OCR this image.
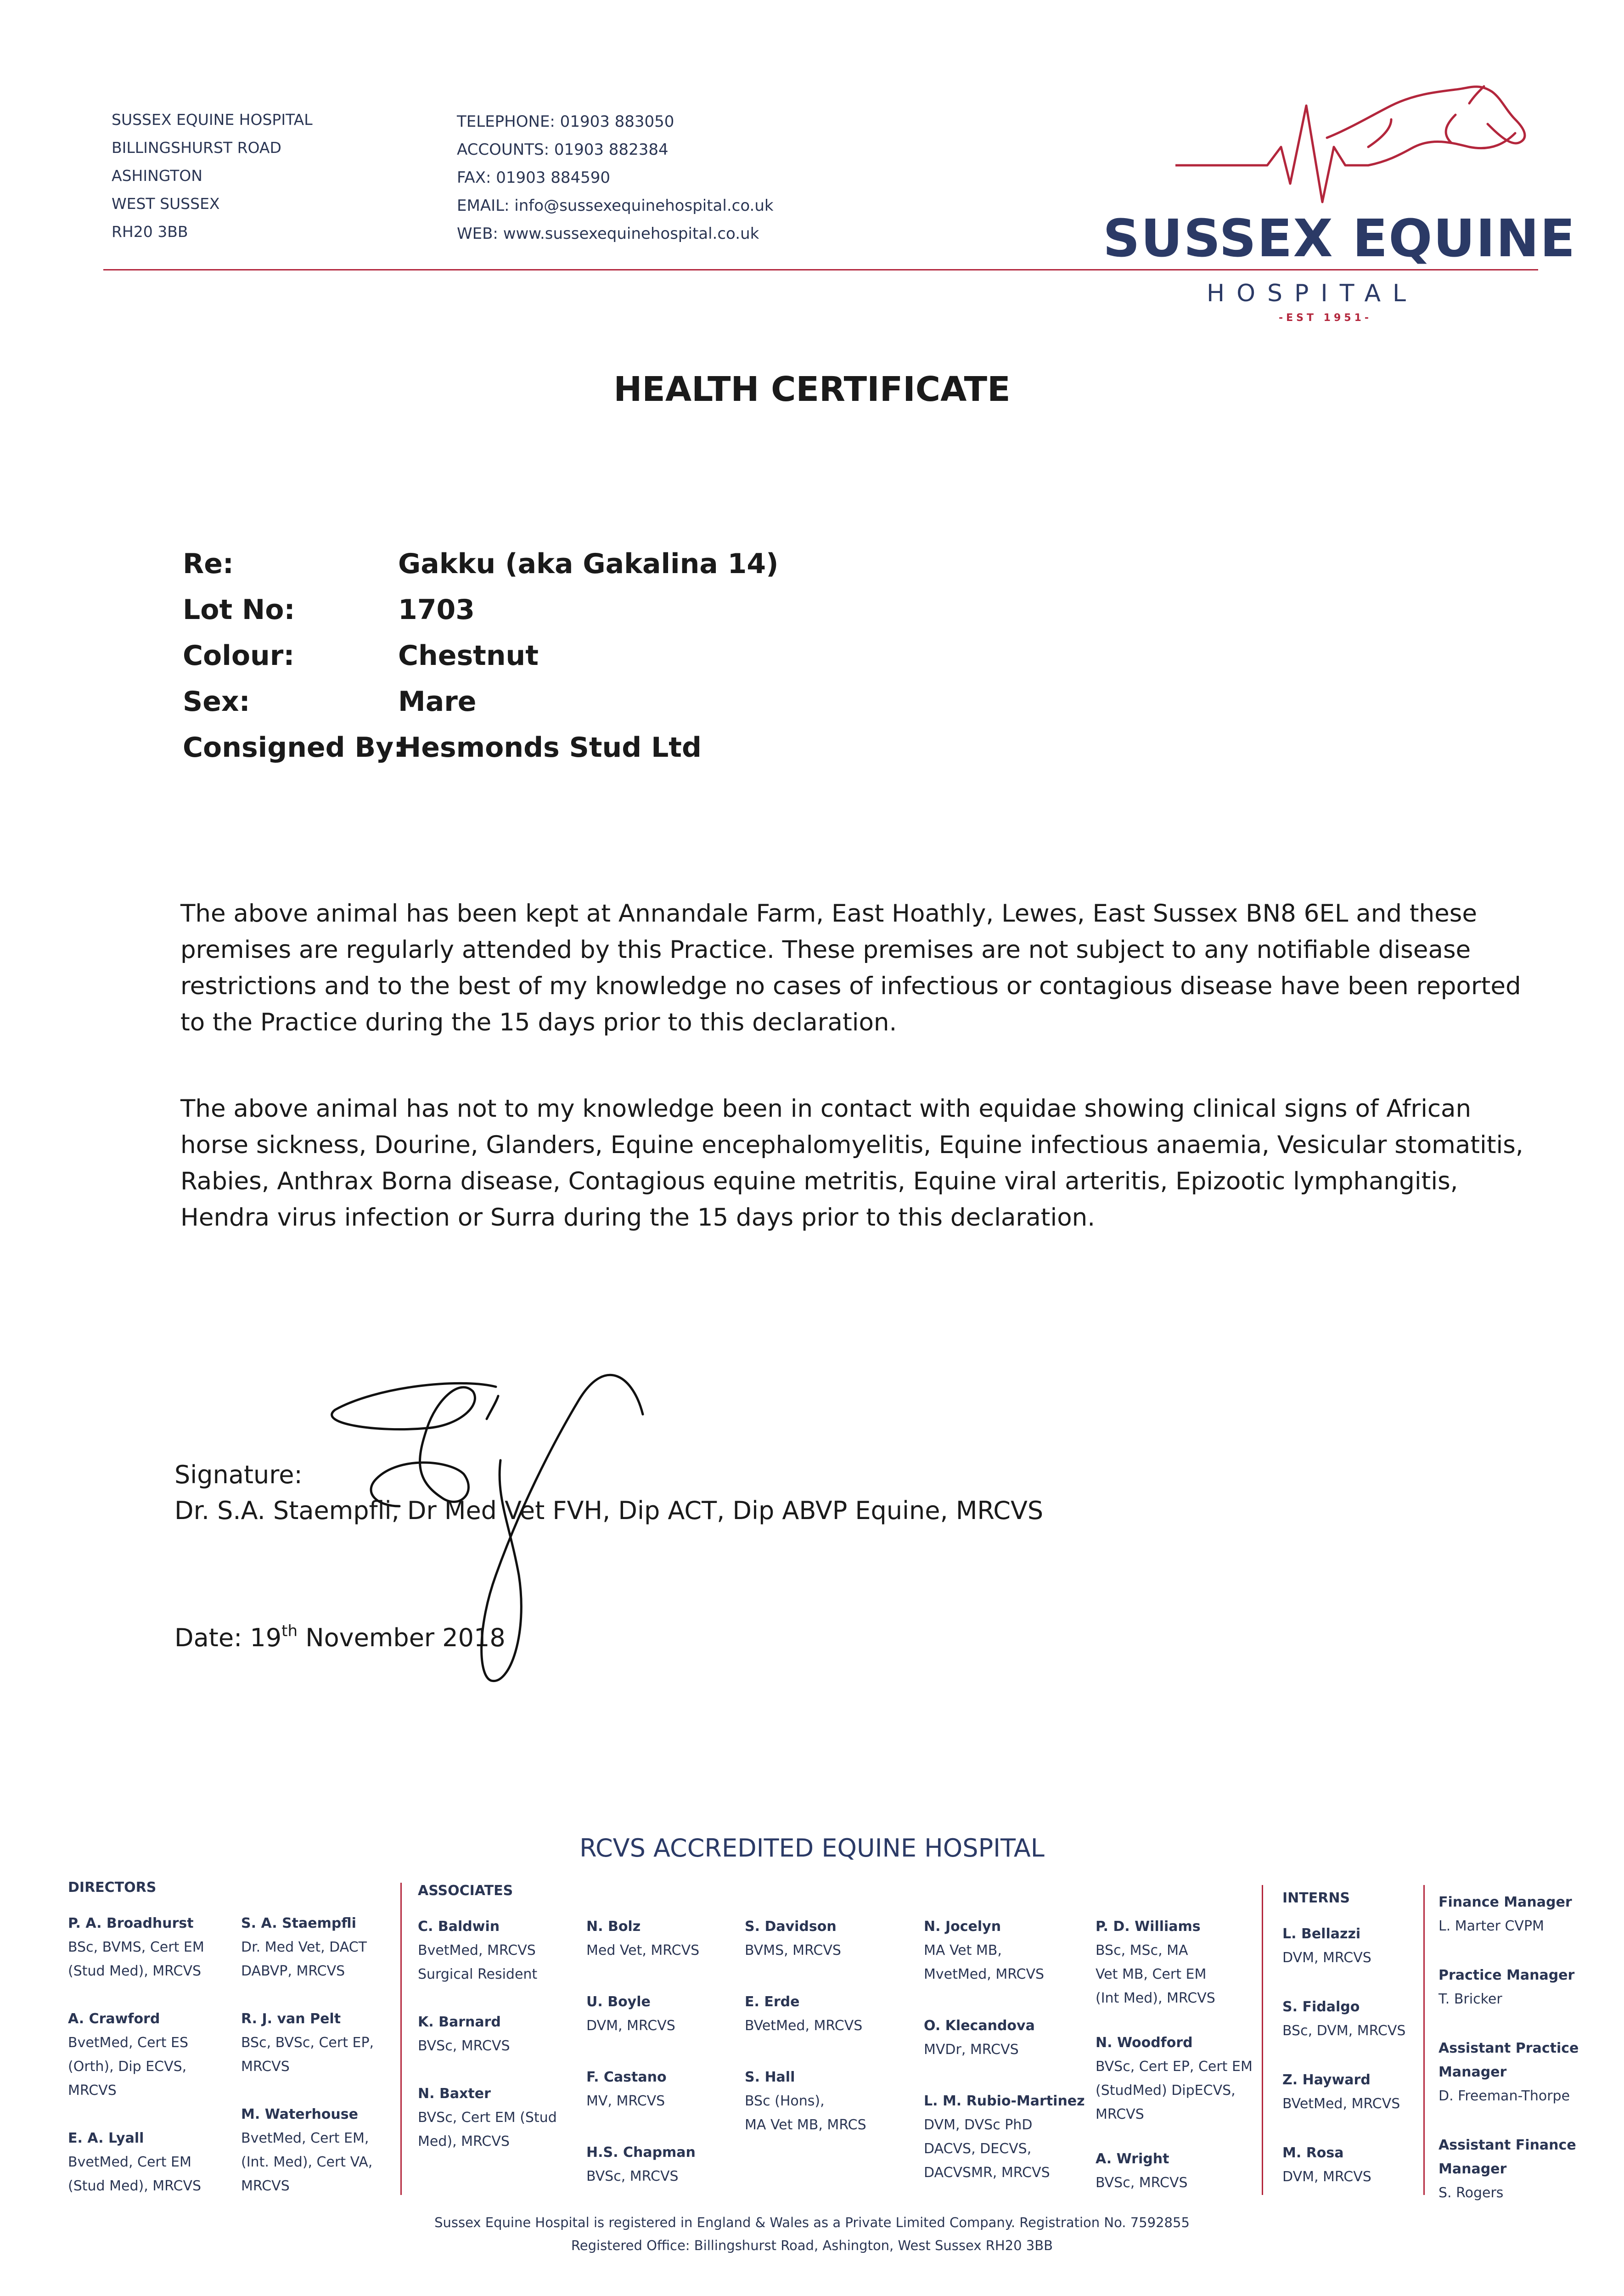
SUSSEX EQUINE HOSPITAL
BILLINGSHURST ROAD
ASHINGTON
WEST SUSSEX
RH20 3BB
TELEPHONE: 01903 883050
ACCOUNTS: 01903 882384
FAX: 01903 884590
EMAIL: info@sussexequinehospital.co.uk
WEB: www.sussexequinehospital.co.uk	SUSSEX EQUINE
HOSPITAL
-EST 1951-
HEALTH CERTIFICATE
Re:	Gakku (aka Gakalina 14)
Lot No:	1703
Colour:	Chestnut
Sex:	Mare
Consigned By:
Hesmonds Stud Ltd
The above animal has been kept at Annandale Farm, East Hoathly, Lewes, East Sussex BN8 6EL and these
premises are regularly attended by this Practice. These premises are not subject to any notifiable disease
restrictions and to the best of my knowledge no cases of infectious or contagious disease have been reported
to the Practice during the 15 days prior to this declaration.
The above animal has not to my knowledge been in contact with equidae showing clinical signs of African
horse sickness, Dourine, Glanders, Equine encephalomyelitis, Equine infectious anaemia, Vesicular stomatitis,
Rabies, Anthrax Borna disease, Contagious equine metritis, Equine viral arteritis, Epizootic lymphangitis,
Hendra virus infection or Surra during the 15 days prior to this declaration.
Signature:
Dr. S.A. Staempfli, Dr Med Vet FVH, Dip ACT, Dip ABVP Equine, MRCVS
Date: 19th November 2018
RCVS ACCREDITED EQUINE HOSPITAL
DIRECTORS
P. A. Broadhurst
BSc, BVMS, Cert EM
(Stud Med), MRCVS
A. Crawford
BvetMed, Cert ES
(Orth), Dip ECVS,
MRCVS
E. A. Lyall
BvetMed, Cert EM
(Stud Med), MRCVS
S. A. Staempfli
Dr. Med Vet, DACT
DABVP, MRCVS
R. J. van Pelt
BSc, BVSc, Cert EP,
MRCVS
M. Waterhouse
BvetMed, Cert EM,
(Int. Med), Cert VA,
MRCVS
ASSOCIATES
C. Baldwin
BvetMed, MRCVS
Surgical Resident
K. Barnard
BVSc, MRCVS
N. Baxter
BVSc, Cert EM (Stud
Med), MRCVS
N. Bolz
Med Vet, MRCVS
U. Boyle
DVM, MRCVS
F. Castano
MV, MRCVS
H.S. Chapman
BVSc, MRCVS
S. Davidson
BVMS, MRCVS
E. Erde
BVetMed, MRCVS
S. Hall
BSc (Hons),
MA Vet MB, MRCS
N. Jocelyn
MA Vet MB,
MvetMed, MRCVS
O. Klecandova
MVDr, MRCVS
L. M. Rubio-Martinez
DVM, DVSc PhD
DACVS, DECVS,
DACVSMR, MRCVS
P. D. Williams
BSc, MSc, MA
Vet MB, Cert EM
(Int Med), MRCVS
N. Woodford
BVSc, Cert EP, Cert EM
(StudMed) DipECVS,
MRCVS
A. Wright
BVSc, MRCVS
INTERNS
L. Bellazzi
DVM, MRCVS
S. Fidalgo
BSc, DVM, MRCVS
Z. Hayward
BVetMed, MRCVS
M. Rosa
DVM, MRCVS
Finance Manager
L. Marter CVPM
Practice Manager
T. Bricker
Assistant Practice
Manager
D. Freeman-Thorpe
Assistant Finance
Manager
S. Rogers
Sussex Equine Hospital is registered in England & Wales as a Private Limited Company. Registration No. 7592855
Registered Office: Billingshurst Road, Ashington, West Sussex RH20 3BB
